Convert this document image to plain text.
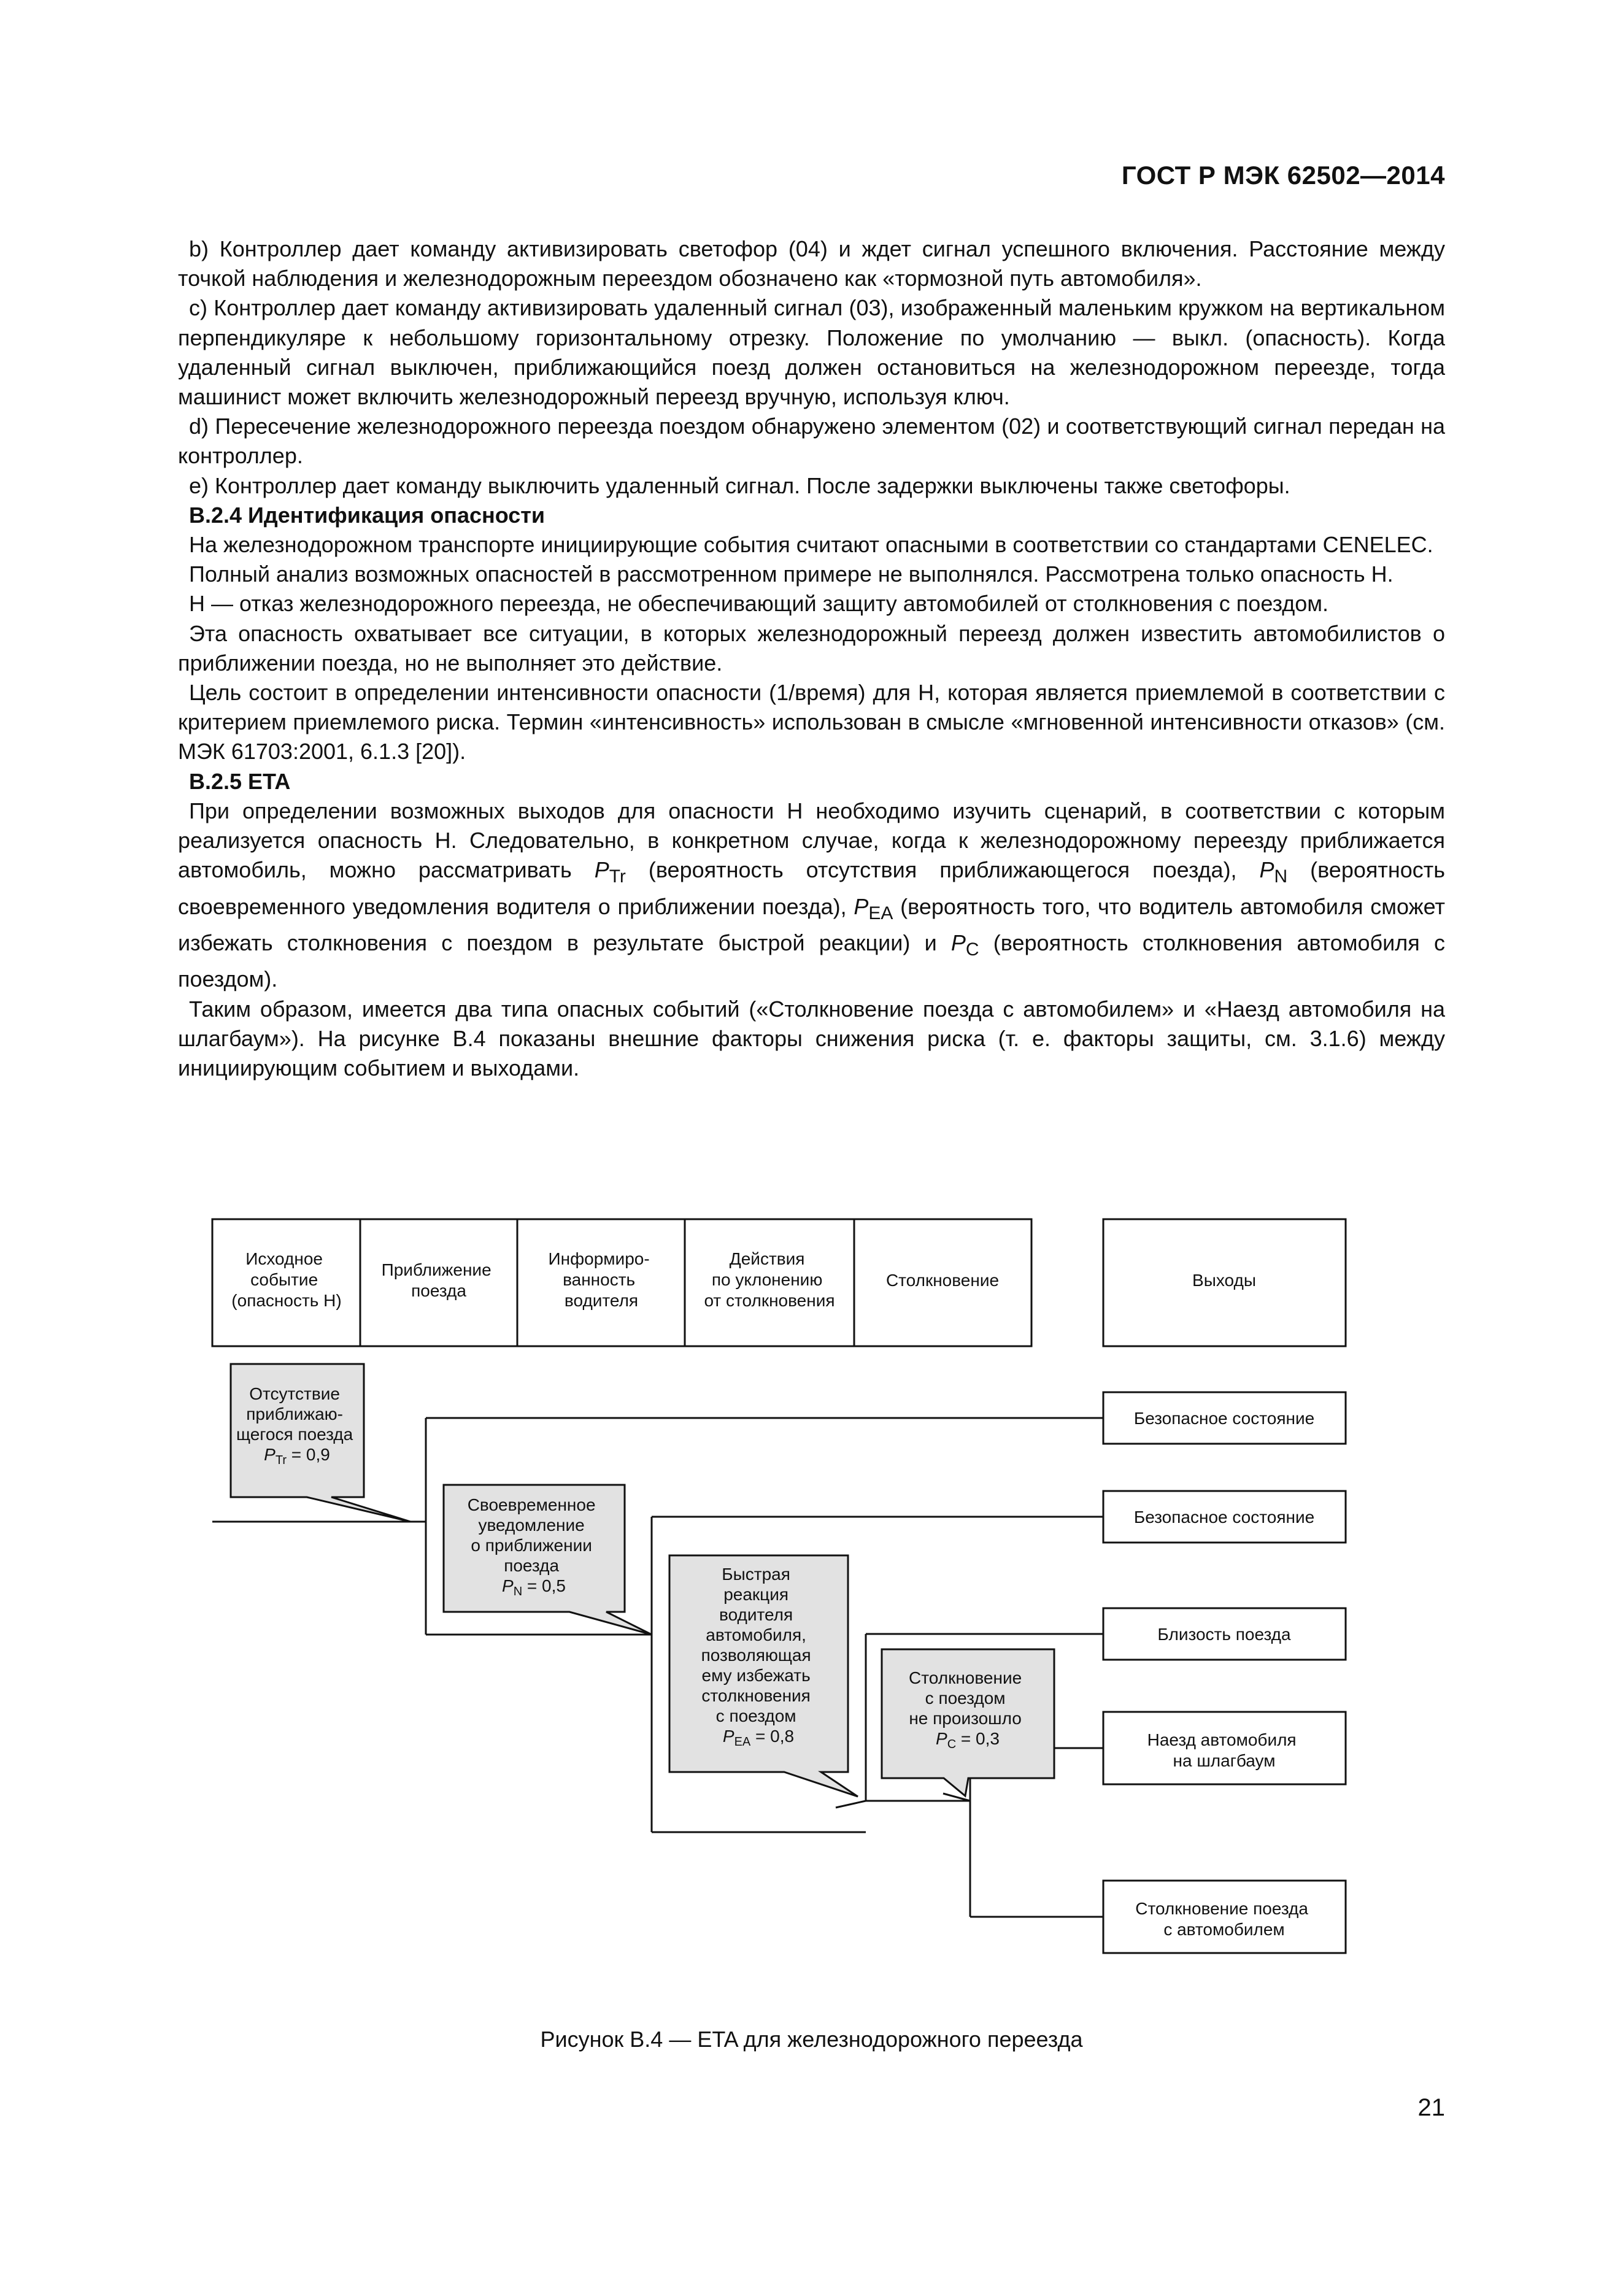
ГОСТ Р МЭК 62502—2014

b) Контроллер дает команду активизировать светофор (04) и ждет сигнал успешного включения. Расстояние между точкой наблюдения и железнодорожным переездом обозначено как «тормозной путь автомобиля».

c) Контроллер дает команду активизировать удаленный сигнал (03), изображенный маленьким кружком на вертикальном перпендикуляре к небольшому горизонтальному отрезку. Положение по умолчанию — выкл. (опасность). Когда удаленный сигнал выключен, приближающийся поезд должен остановиться на железнодорожном переезде, тогда машинист может включить железнодорожный переезд вручную, используя ключ.

d) Пересечение железнодорожного переезда поездом обнаружено элементом (02) и соответствующий сигнал передан на контроллер.

e) Контроллер дает команду выключить удаленный сигнал. После задержки выключены также светофоры.

В.2.4 Идентификация опасности

На железнодорожном транспорте инициирующие события считают опасными в соответствии со стандартами CENELEC.

Полный анализ возможных опасностей в рассмотренном примере не выполнялся. Рассмотрена только опасность Н.

Н — отказ железнодорожного переезда, не обеспечивающий защиту автомобилей от столкновения с поездом.

Эта опасность охватывает все ситуации, в которых железнодорожный переезд должен известить автомобилистов о приближении поезда, но не выполняет это действие.

Цель состоит в определении интенсивности опасности (1/время) для Н, которая является приемлемой в соответствии с критерием приемлемого риска. Термин «интенсивность» использован в смысле «мгновенной интенсивности отказов» (см. МЭК 61703:2001, 6.1.3 [20]).

В.2.5 ETA

При определении возможных выходов для опасности Н необходимо изучить сценарий, в соответствии с которым реализуется опасность Н. Следовательно, в конкретном случае, когда к железнодорожному переезду приближается автомобиль, можно рассматривать $P_{Tr}$ (вероятность отсутствия приближающегося поезда), $P_N$ (вероятность своевременного уведомления водителя о приближении поезда), $P_{EA}$ (вероятность того, что водитель автомобиля сможет избежать столкновения с поездом в результате быстрой реакции) и $P_C$ (вероятность столкновения автомобиля с поездом).

Таким образом, имеется два типа опасных событий («Столкновение поезда с автомобилем» и «Наезд автомобиля на шлагбаум»). На рисунке В.4 показаны внешние факторы снижения риска (т. е. факторы защиты, см. 3.1.6) между инициирующим событием и выходами.

Исходное событие (опасность Н)
Приближение поезда
Информиро- ванность водителя
Действия по уклонению от столкновения
Столкновение	Выходы
Безопасное состояние
Безопасное состояние
Близость поезда
Наезд автомобиля на шлагбаум
Столкновение поезда с автомобилем
Отсутствие приближаю- щегося поезда $P_{Tr} = 0,9$
Своевременное уведомление о приближении поезда $P_N = 0,5$
Быстрая реакция водителя автомобиля, позволяющая ему избежать столкновения с поездом $P_{EA} = 0,8$
Столкновение с поездом не произошло $P_C = 0,3$
Рисунок В.4 — ETA для железнодорожного переезда
21
